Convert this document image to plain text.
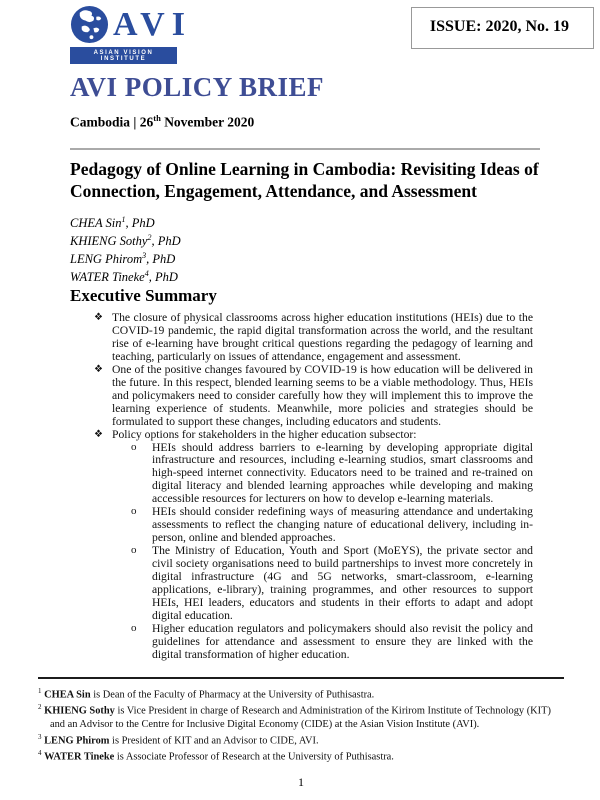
AVI
ASIAN VISION INSTITUTE
ISSUE: 2020, No. 19
AVI POLICY BRIEF
Cambodia | 26th November 2020
Pedagogy of Online Learning in Cambodia: Revisiting Ideas of Connection, Engagement, Attendance, and Assessment
CHEA Sin$^1$, PhD
KHIENG Sothy$^2$, PhD
LENG Phirom$^3$, PhD
WATER Tineke$^4$, PhD
Executive Summary
❖ The closure of physical classrooms across higher education institutions (HEIs) due to the COVID-19 pandemic, the rapid digital transformation across the world, and the resultant rise of e-learning have brought critical questions regarding the pedagogy of learning and teaching, particularly on issues of attendance, engagement and assessment.
❖ One of the positive changes favoured by COVID-19 is how education will be delivered in the future. In this respect, blended learning seems to be a viable methodology. Thus, HEIs and policymakers need to consider carefully how they will implement this to improve the learning experience of students. Meanwhile, more policies and strategies should be formulated to support these changes, including educators and students.
❖ Policy options for stakeholders in the higher education subsector:
o HEIs should address barriers to e-learning by developing appropriate digital infrastructure and resources, including e-learning studios, smart classrooms and high-speed internet connectivity. Educators need to be trained and re-trained on digital literacy and blended learning approaches while developing and making accessible resources for lecturers on how to develop e-learning materials.
o HEIs should consider redefining ways of measuring attendance and undertaking assessments to reflect the changing nature of educational delivery, including in-person, online and blended approaches.
o The Ministry of Education, Youth and Sport (MoEYS), the private sector and civil society organisations need to build partnerships to invest more concretely in digital infrastructure (4G and 5G networks, smart-classroom, e-learning applications, e-library), training programmes, and other resources to support HEIs, HEI leaders, educators and students in their efforts to adapt and adopt digital education.
o Higher education regulators and policymakers should also revisit the policy and guidelines for attendance and assessment to ensure they are linked with the digital transformation of higher education.
$^1$ CHEA Sin is Dean of the Faculty of Pharmacy at the University of Puthisastra.
$^2$ KHIENG Sothy is Vice President in charge of Research and Administration of the Kirirom Institute of Technology (KIT) and an Advisor to the Centre for Inclusive Digital Economy (CIDE) at the Asian Vision Institute (AVI).
$^3$ LENG Phirom is President of KIT and an Advisor to CIDE, AVI.
$^4$ WATER Tineke is Associate Professor of Research at the University of Puthisastra.
1
